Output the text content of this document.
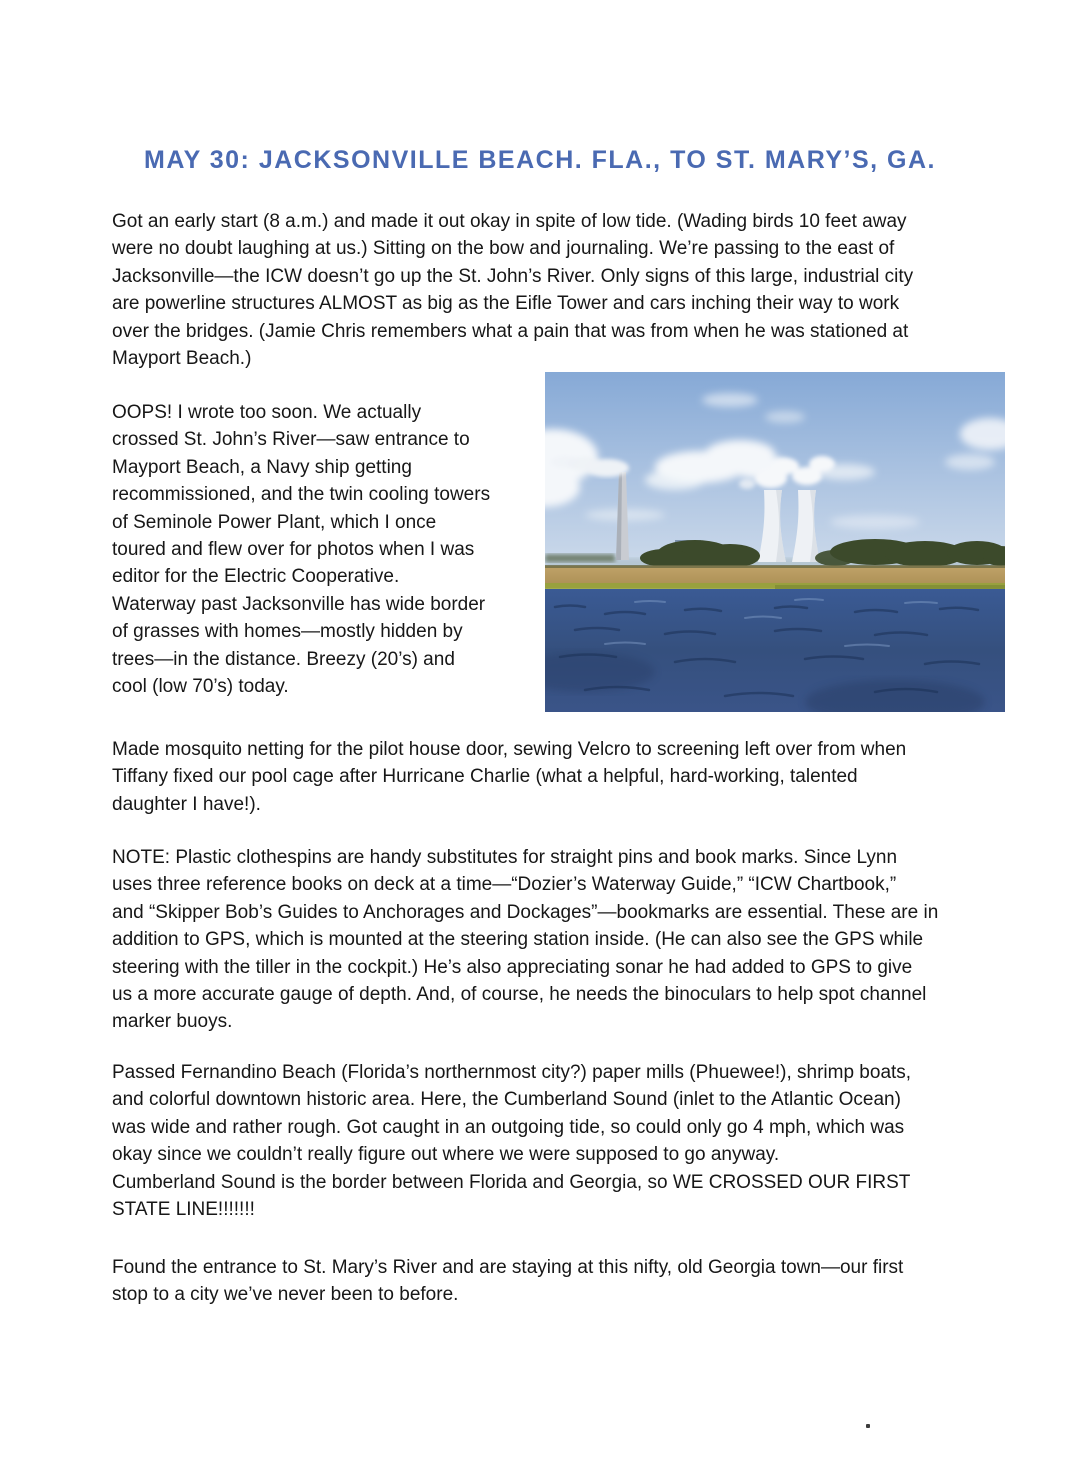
MAY 30: JACKSONVILLE BEACH. FLA., TO ST. MARY’S, GA.
Got an early start (8 a.m.) and made it out okay in spite of low tide. (Wading birds 10 feet away
were no doubt laughing at us.) Sitting on the bow and journaling. We’re passing to the east of
Jacksonville—the ICW doesn’t go up the St. John’s River. Only signs of this large, industrial city
are powerline structures ALMOST as big as the Eifle Tower and cars inching their way to work
over the bridges. (Jamie Chris remembers what a pain that was from when he was stationed at
Mayport Beach.)
OOPS! I wrote too soon. We actually
crossed St. John’s River—saw entrance to
Mayport Beach, a Navy ship getting
recommissioned, and the twin cooling towers
of Seminole Power Plant, which I once
toured and flew over for photos when I was
editor for the Electric Cooperative.
Waterway past Jacksonville has wide border
of grasses with homes—mostly hidden by
trees—in the distance. Breezy (20’s) and
cool (low 70’s) today.
Made mosquito netting for the pilot house door, sewing Velcro to screening left over from when
Tiffany fixed our pool cage after Hurricane Charlie (what a helpful, hard-working, talented
daughter I have!).
NOTE: Plastic clothespins are handy substitutes for straight pins and book marks. Since Lynn
uses three reference books on deck at a time—“Dozier’s Waterway Guide,” “ICW Chartbook,”
and “Skipper Bob’s Guides to Anchorages and Dockages”—bookmarks are essential. These are in
addition to GPS, which is mounted at the steering station inside. (He can also see the GPS while
steering with the tiller in the cockpit.) He’s also appreciating sonar he had added to GPS to give
us a more accurate gauge of depth. And, of course, he needs the binoculars to help spot channel
marker buoys.
Passed Fernandino Beach (Florida’s northernmost city?) paper mills (Phuewee!), shrimp boats,
and colorful downtown historic area. Here, the Cumberland Sound (inlet to the Atlantic Ocean)
was wide and rather rough. Got caught in an outgoing tide, so could only go 4 mph, which was
okay since we couldn’t really figure out where we were supposed to go anyway.
Cumberland Sound is the border between Florida and Georgia, so WE CROSSED OUR FIRST
STATE LINE!!!!!!!
Found the entrance to St. Mary’s River and are staying at this nifty, old Georgia town—our first
stop to a city we’ve never been to before.
